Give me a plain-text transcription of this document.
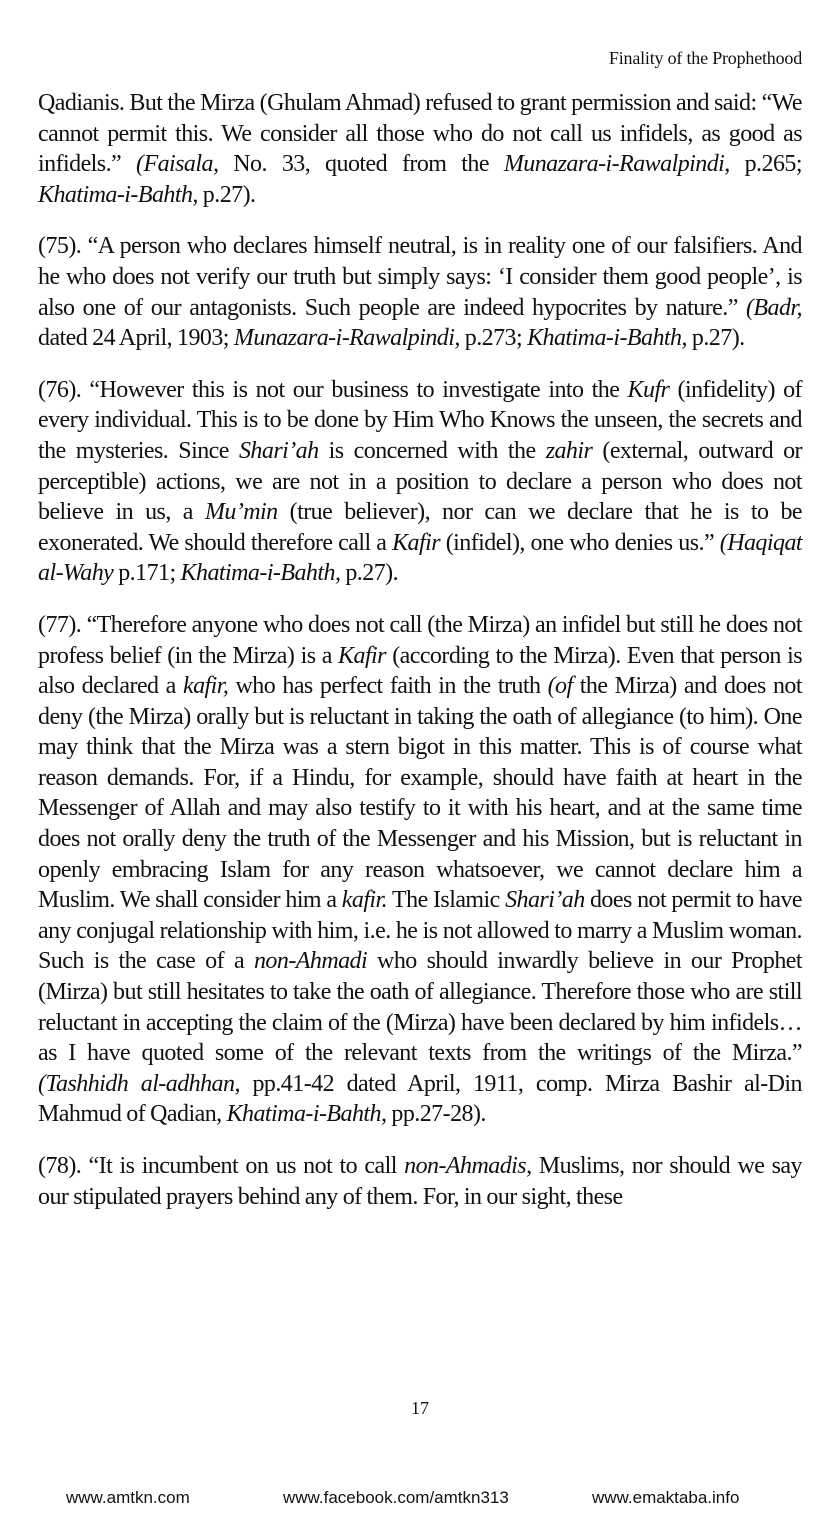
Finality of the Prophethood

Qadianis. But the Mirza (Ghulam Ahmad) refused to grant permission and said: “We cannot permit this. We consider all those who do not call us infidels, as good as infidels.” (Faisala, No. 33, quoted from the Munazara-i-Rawalpindi, p.265; Khatima-i-Bahth, p.27).

(75). “A person who declares himself neutral, is in reality one of our falsifiers. And he who does not verify our truth but simply says: ‘I consider them good people’, is also one of our antagonists. Such people are indeed hypocrites by nature.” (Badr, dated 24 April, 1903; Munazara-i-Rawalpindi, p.273; Khatima-i-Bahth, p.27).

(76). “However this is not our business to investigate into the Kufr (infidelity) of every individual. This is to be done by Him Who Knows the unseen, the secrets and the mysteries. Since Shari’ah is concerned with the zahir (external, outward or perceptible) actions, we are not in a position to declare a person who does not believe in us, a Mu’min (true believer), nor can we declare that he is to be exonerated. We should therefore call a Kafir (infidel), one who denies us.” (Haqiqat al-Wahy p.171; Khatima-i-Bahth, p.27).

(77). “Therefore anyone who does not call (the Mirza) an infidel but still he does not profess belief (in the Mirza) is a Kafir (according to the Mirza). Even that person is also declared a kafir, who has perfect faith in the truth (of the Mirza) and does not deny (the Mirza) orally but is reluctant in taking the oath of allegiance (to him). One may think that the Mirza was a stern bigot in this matter. This is of course what reason demands. For, if a Hindu, for example, should have faith at heart in the Messenger of Allah and may also testify to it with his heart, and at the same time does not orally deny the truth of the Messenger and his Mission, but is reluctant in openly embracing Islam for any reason whatsoever, we cannot declare him a Muslim. We shall consider him a kafir. The Islamic Shari’ah does not permit to have any conjugal relationship with him, i.e. he is not allowed to marry a Muslim woman. Such is the case of a non-Ahmadi who should inwardly believe in our Prophet (Mirza) but still hesitates to take the oath of allegiance. Therefore those who are still reluctant in accepting the claim of the (Mirza) have been declared by him infidels… as I have quoted some of the relevant texts from the writings of the Mirza.” (Tashhidh al-adhhan, pp.41-42 dated April, 1911, comp. Mirza Bashir al-Din Mahmud of Qadian, Khatima-i-Bahth, pp.27-28).

(78). “It is incumbent on us not to call non-Ahmadis, Muslims, nor should we say our stipulated prayers behind any of them. For, in our sight, these

17
www.amtkn.com	www.facebook.com/amtkn313	www.emaktaba.info
